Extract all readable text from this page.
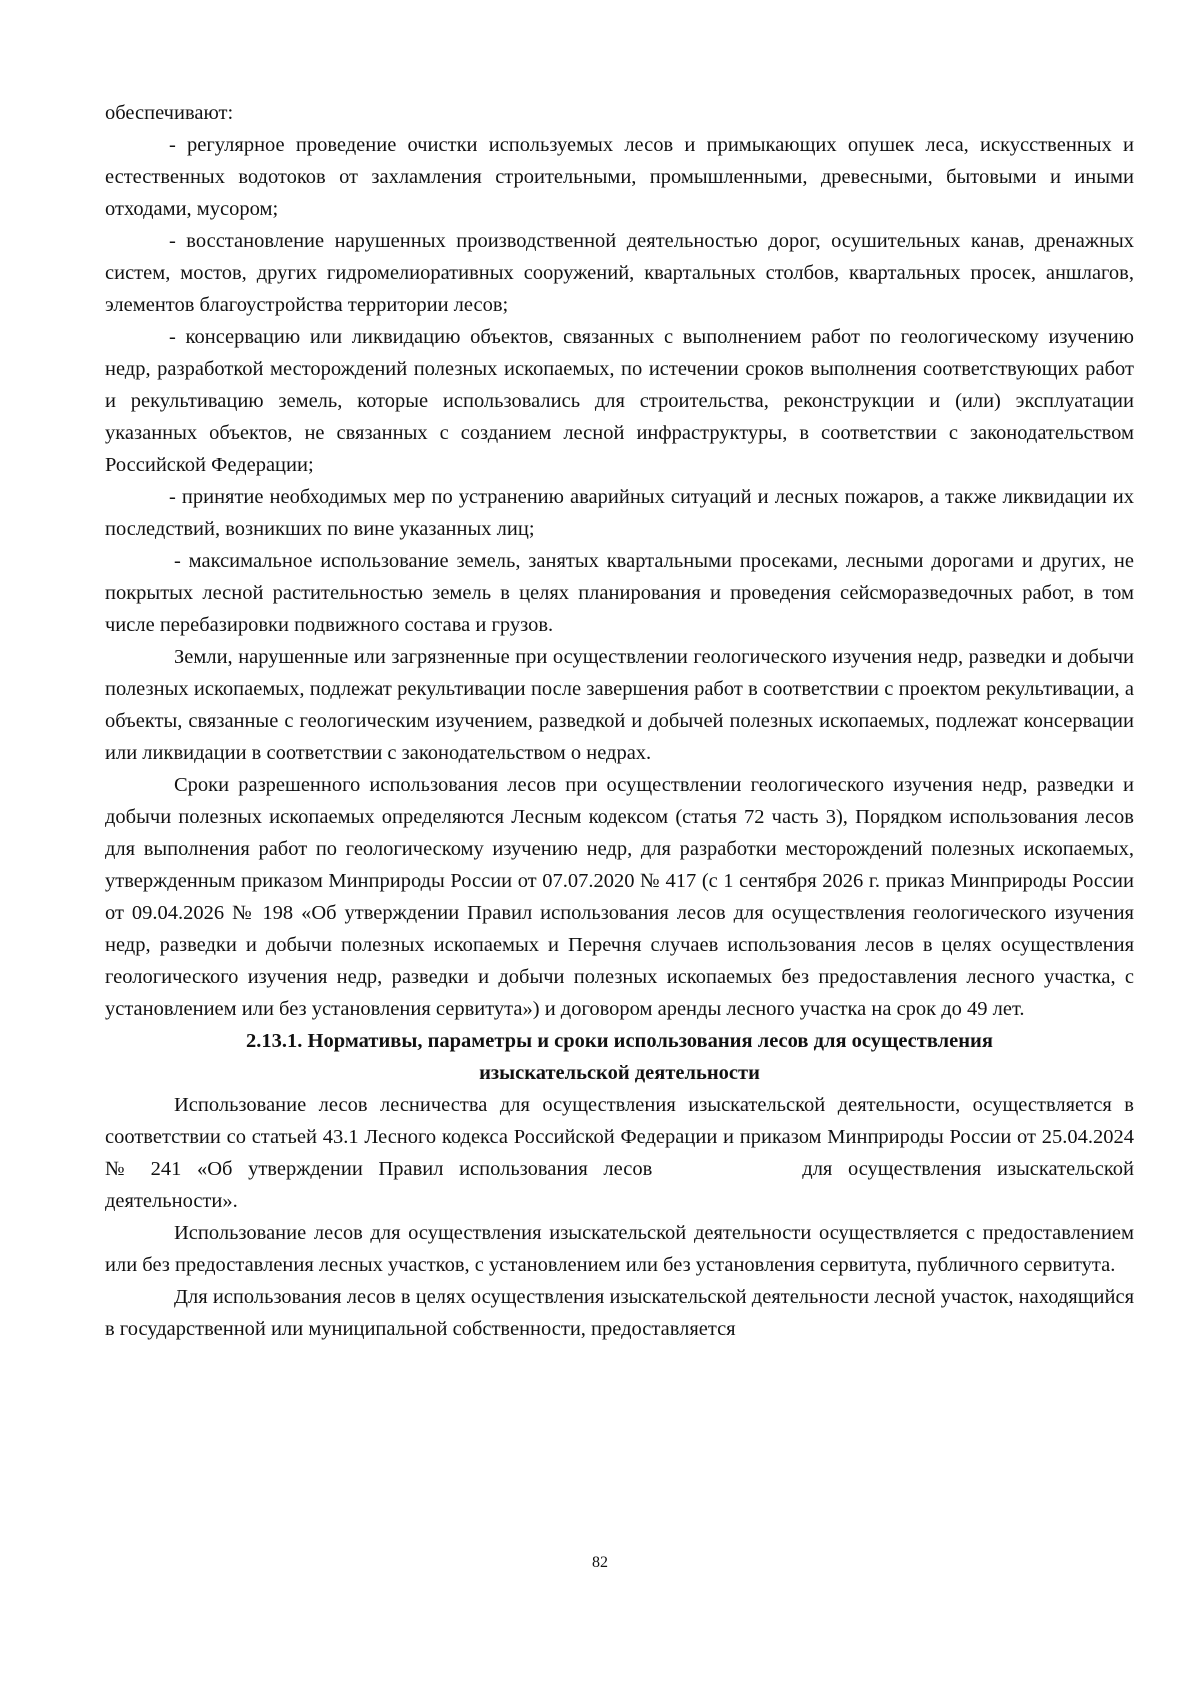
обеспечивают:

- регулярное проведение очистки используемых лесов и примыкающих опушек леса, искусственных и естественных водотоков от захламления строительными, промышленными, древесными, бытовыми и иными отходами, мусором;

- восстановление нарушенных производственной деятельностью дорог, осушительных канав, дренажных систем, мостов, других гидромелиоративных сооружений, квартальных столбов, квартальных просек, аншлагов, элементов благоустройства территории лесов;

- консервацию или ликвидацию объектов, связанных с выполнением работ по геологическому изучению недр, разработкой месторождений полезных ископаемых, по истечении сроков выполнения соответствующих работ и рекультивацию земель, которые использовались для строительства, реконструкции и (или) эксплуатации указанных объектов, не связанных с созданием лесной инфраструктуры, в соответствии с законодательством Российской Федерации;

- принятие необходимых мер по устранению аварийных ситуаций и лесных пожаров, а также ликвидации их последствий, возникших по вине указанных лиц;

- максимальное использование земель, занятых квартальными просеками, лесными дорогами и других, не покрытых лесной растительностью земель в целях планирования и проведения сейсморазведочных работ, в том числе перебазировки подвижного состава и грузов.

Земли, нарушенные или загрязненные при осуществлении геологического изучения недр, разведки и добычи полезных ископаемых, подлежат рекультивации после завершения работ в соответствии с проектом рекультивации, а объекты, связанные с геологическим изучением, разведкой и добычей полезных ископаемых, подлежат консервации или ликвидации в соответствии с законодательством о недрах.

Сроки разрешенного использования лесов при осуществлении геологического изучения недр, разведки и добычи полезных ископаемых определяются Лесным кодексом (статья 72 часть 3), Порядком использования лесов для выполнения работ по геологическому изучению недр, для разработки месторождений полезных ископаемых, утвержденным приказом Минприроды России от 07.07.2020 № 417 (с 1 сентября 2026 г. приказ Минприроды России от 09.04.2026 № 198 «Об утверждении Правил использования лесов для осуществления геологического изучения недр, разведки и добычи полезных ископаемых и Перечня случаев использования лесов в целях осуществления геологического изучения недр, разведки и добычи полезных ископаемых без предоставления лесного участка, с установлением или без установления сервитута») и договором аренды лесного участка на срок до 49 лет.

2.13.1. Нормативы, параметры и сроки использования лесов для осуществления
изыскательской деятельности

Использование лесов лесничества для осуществления изыскательской деятельности, осуществляется в соответствии со статьей 43.1 Лесного кодекса Российской Федерации и приказом Минприроды России от 25.04.2024 № 241 «Об утверждении Правил использования лесов	для осуществления изыскательской деятельности».

Использование лесов для осуществления изыскательской деятельности осуществляется с предоставлением или без предоставления лесных участков, с установлением или без установления сервитута, публичного сервитута.

Для использования лесов в целях осуществления изыскательской деятельности лесной участок, находящийся в государственной или муниципальной собственности, предоставляется

82
